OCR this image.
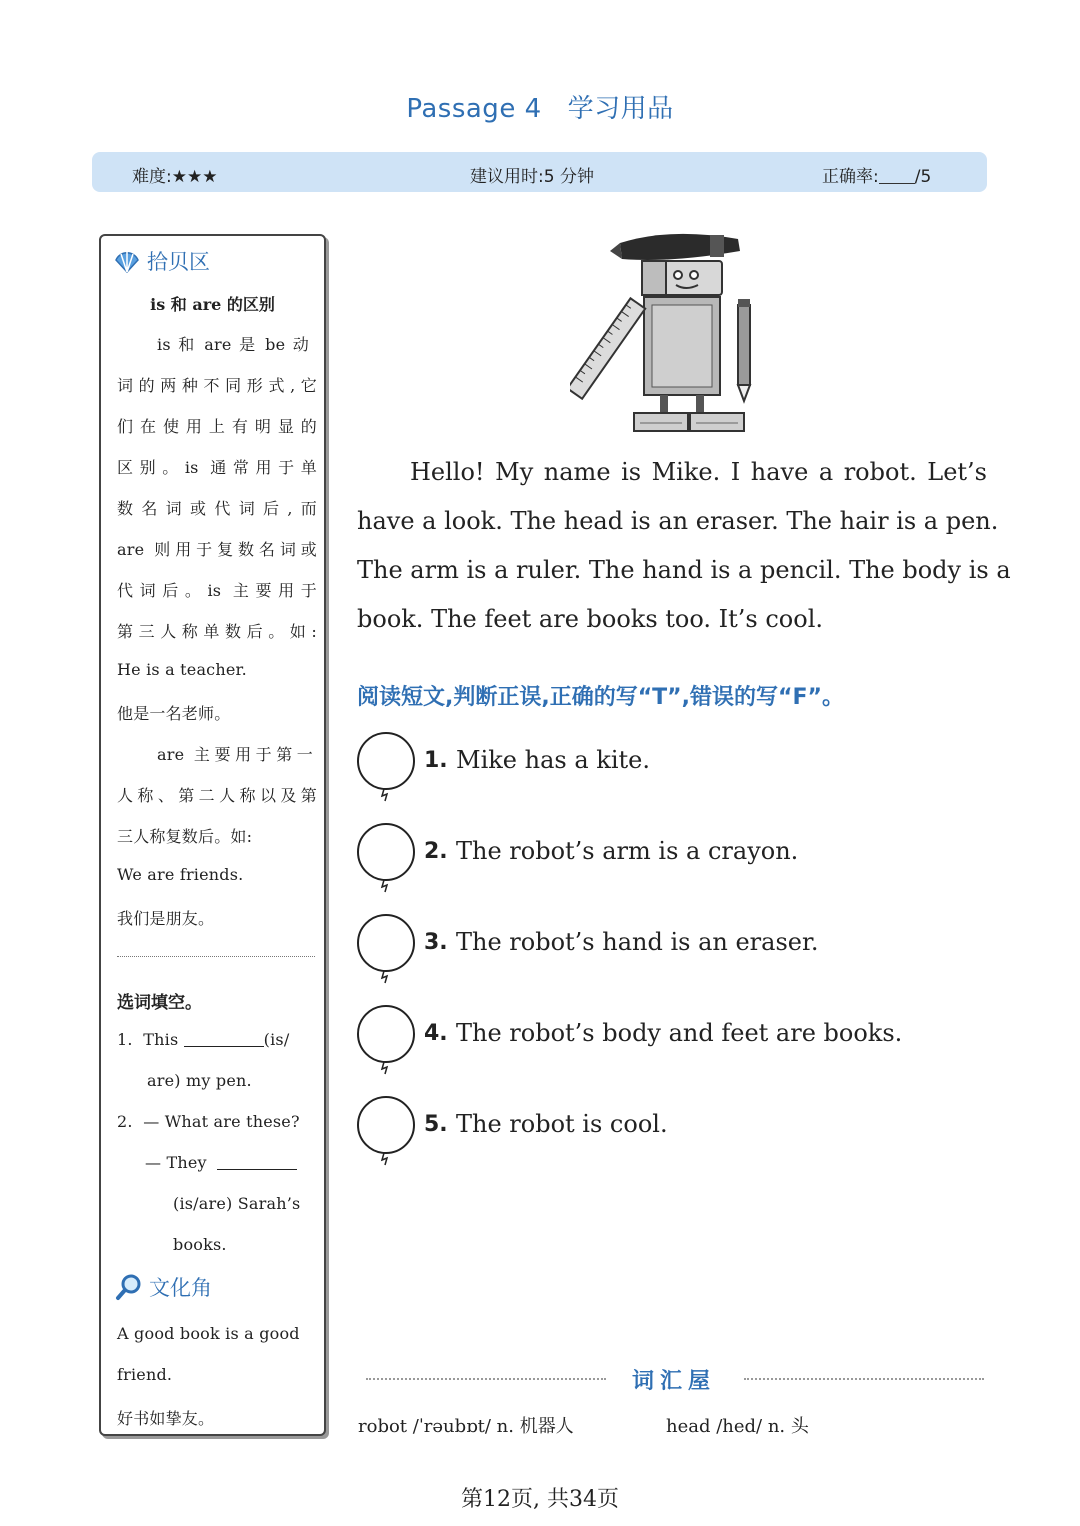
Passage 4 学习用品
难度:★★★	建议用时:5 分钟	正确率: /5
拾贝区
is 和 are 的区别
is 和 are 是 be 动
词的两种不同形式,它
们在使用上有明显的
区别。is 通常用于单
数名词或代词后,而
are 则用于复数名词或
代词后。is 主要用于
第三人称单数后。如:
He is a teacher.
他是一名老师。
are 主要用于第一
人称、第二人称以及第
三人称复数后。如:
We are friends.
我们是朋友。
选词填空。
1. This	(is/
are) my pen.
2. — What are these?
— They
(is/are) Sarah’s
books.
文化角
A good book is a good
friend.
好书如挚友。
Hello! My name is Mike. I have a robot. Let’s
have a look. The head is an eraser. The hair is a pen.
The arm is a ruler. The hand is a pencil. The body is a
book. The feet are books too. It’s cool.
阅读短文,判断正误,正确的写“T”,错误的写“F”。
1. Mike has a kite.
2. The robot’s arm is a crayon.
3. The robot’s hand is an eraser.
4. The robot’s body and feet are books.
5. The robot is cool.
词汇屋
robot /ˈrəubɒt/ n. 机器人	head /hed/ n. 头
第12页, 共34页
